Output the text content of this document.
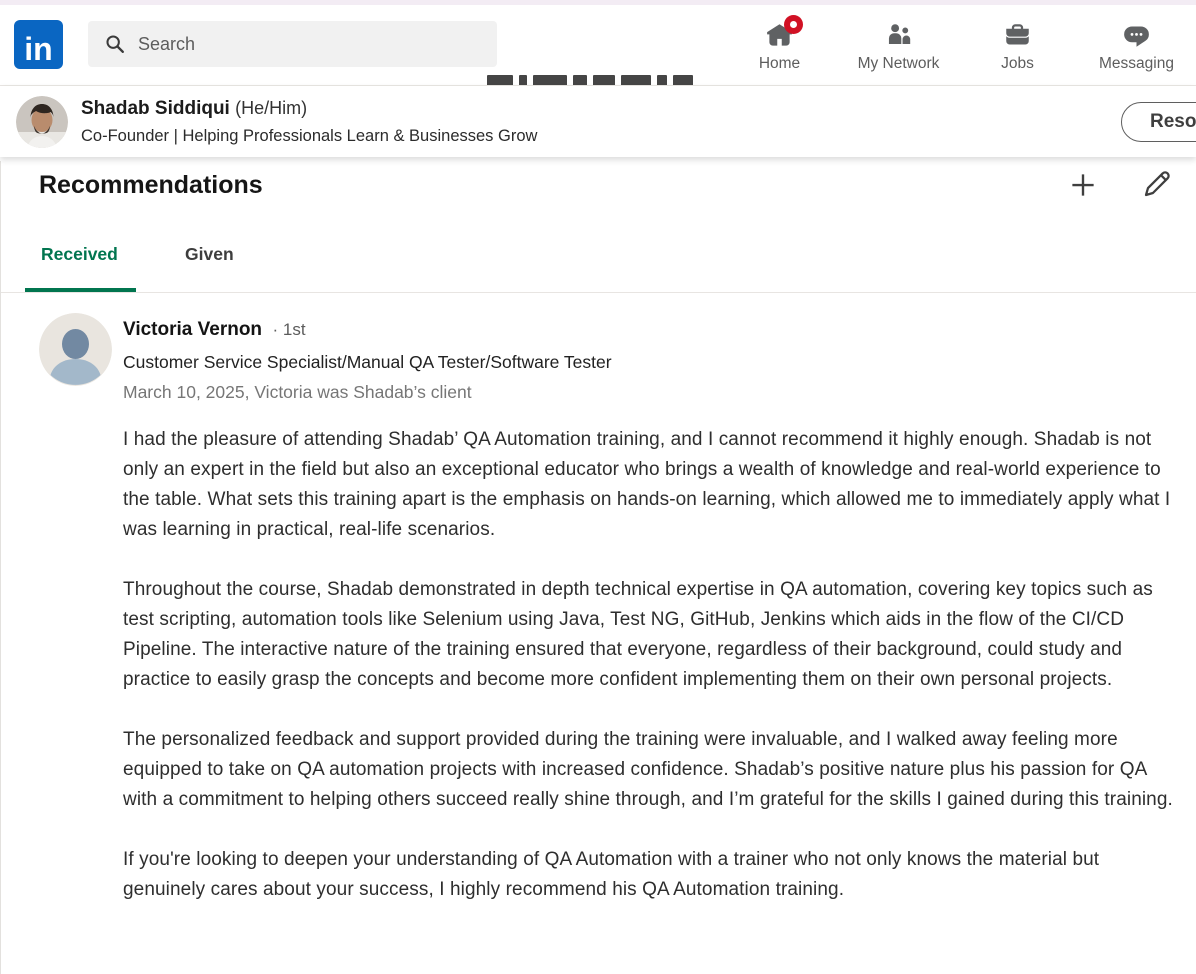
in	Search
Home	My Network	Jobs	Messaging
Shadab Siddiqui (He/Him)
Co-Founder | Helping Professionals Learn & Businesses Grow
Reso
Recommendations
Received	Given
Victoria Vernon · 1st
Customer Service Specialist/Manual QA Tester/Software Tester
March 10, 2025, Victoria was Shadab’s client

I had the pleasure of attending Shadab’ QA Automation training, and I cannot recommend it highly enough. Shadab is not only an expert in the field but also an exceptional educator who brings a wealth of knowledge and real-world experience to the table. What sets this training apart is the emphasis on hands-on learning, which allowed me to immediately apply what I was learning in practical, real-life scenarios.

Throughout the course, Shadab demonstrated in depth technical expertise in QA automation, covering key topics such as test scripting, automation tools like Selenium using Java, Test NG, GitHub, Jenkins which aids in the flow of the CI/CD Pipeline. The interactive nature of the training ensured that everyone, regardless of their background, could study and practice to easily grasp the concepts and become more confident implementing them on their own personal projects.

The personalized feedback and support provided during the training were invaluable, and I walked away feeling more equipped to take on QA automation projects with increased confidence. Shadab’s positive nature plus his passion for QA with a commitment to helping others succeed really shine through, and I’m grateful for the skills I gained during this training.

If you're looking to deepen your understanding of QA Automation with a trainer who not only knows the material but genuinely cares about your success, I highly recommend his QA Automation training.
